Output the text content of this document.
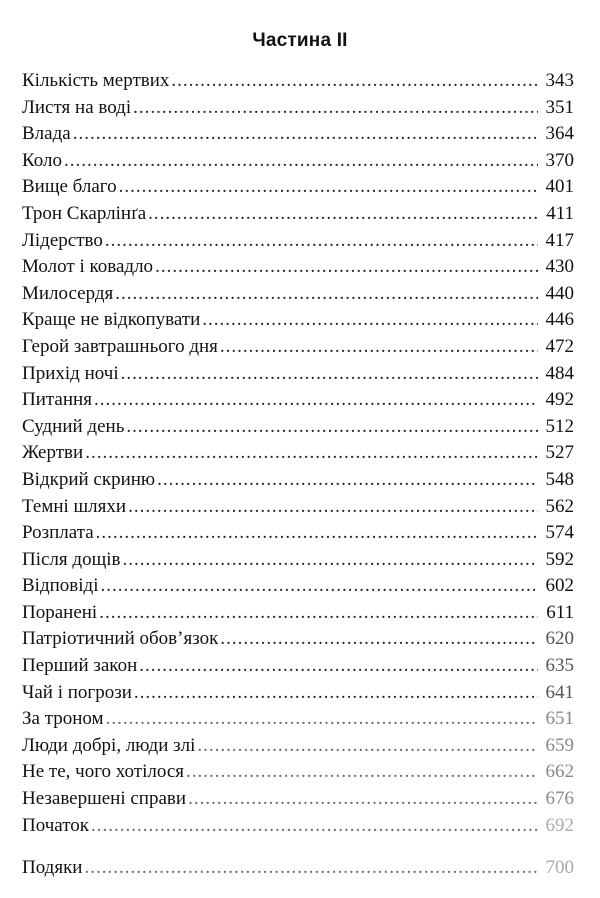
Частина II
Кількість мертвих .....	343
Листя на воді .....	351
Влада .....	364
Коло .....	370
Вище благо .....	401
Трон Скарлінґа .....	411
Лідерство .....	417
Молот і ковадло .....	430
Милосердя .....	440
Краще не відкопувати .....	446
Герой завтрашнього дня .....	472
Прихід ночі .....	484
Питання .....	492
Судний день .....	512
Жертви .....	527
Відкрий скриню .....	548
Темні шляхи .....	562
Розплата .....	574
Після дощів .....	592
Відповіді .....	602
Поранені .....	611
Патріотичний обов’язок .....	620
Перший закон .....	635
Чай і погрози .....	641
За троном .....	651
Люди добрі, люди злі .....	659
Не те, чого хотілося .....	662
Незавершені справи .....	676
Початок .....	692
Подяки .....	700
